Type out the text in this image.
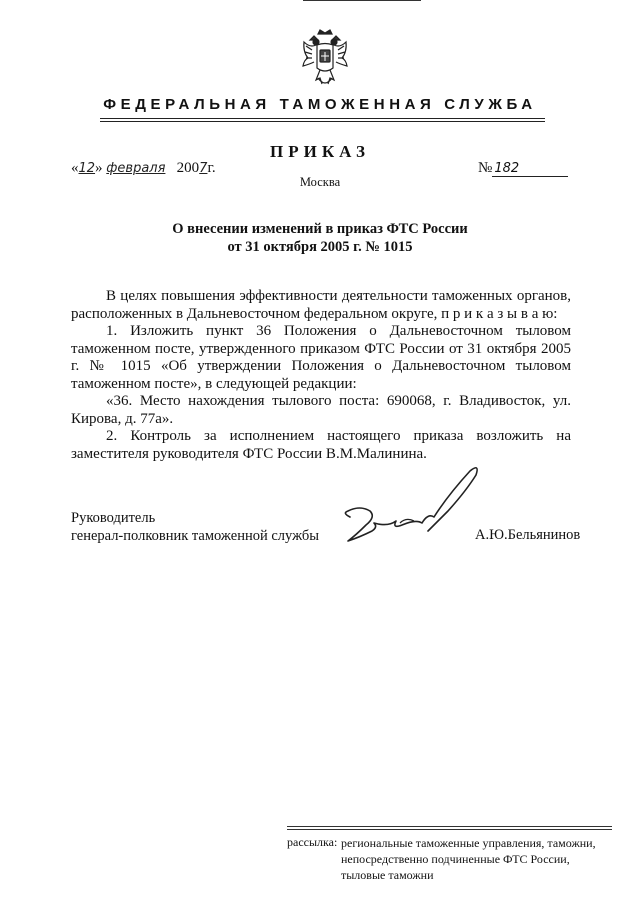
ФЕДЕРАЛЬНАЯ ТАМОЖЕННАЯ СЛУЖБА
ПРИКАЗ
«12» февраля 2007г.	№ 182
Москва
О внесении изменений в приказ ФТС России
от 31 октября 2005 г. № 1015

В целях повышения эффективности деятельности таможенных органов, расположенных в Дальневосточном федеральном округе, п р и к а з ы в а ю:

1. Изложить пункт 36 Положения о Дальневосточном тыловом таможенном посте, утвержденного приказом ФТС России от 31 октября 2005 г. № 1015 «Об утверждении Положения о Дальневосточном тыловом таможенном посте», в следующей редакции:

«36. Место нахождения тылового поста: 690068, г. Владивосток, ул. Кирова, д. 77а».

2. Контроль за исполнением настоящего приказа возложить на заместителя руководителя ФТС России В.М.Малинина.

Руководитель
генерал-полковник таможенной службы	А.Ю.Бельянинов
рассылка: региональные таможенные управления, таможни,
непосредственно подчиненные ФТС России,
тыловые таможни
